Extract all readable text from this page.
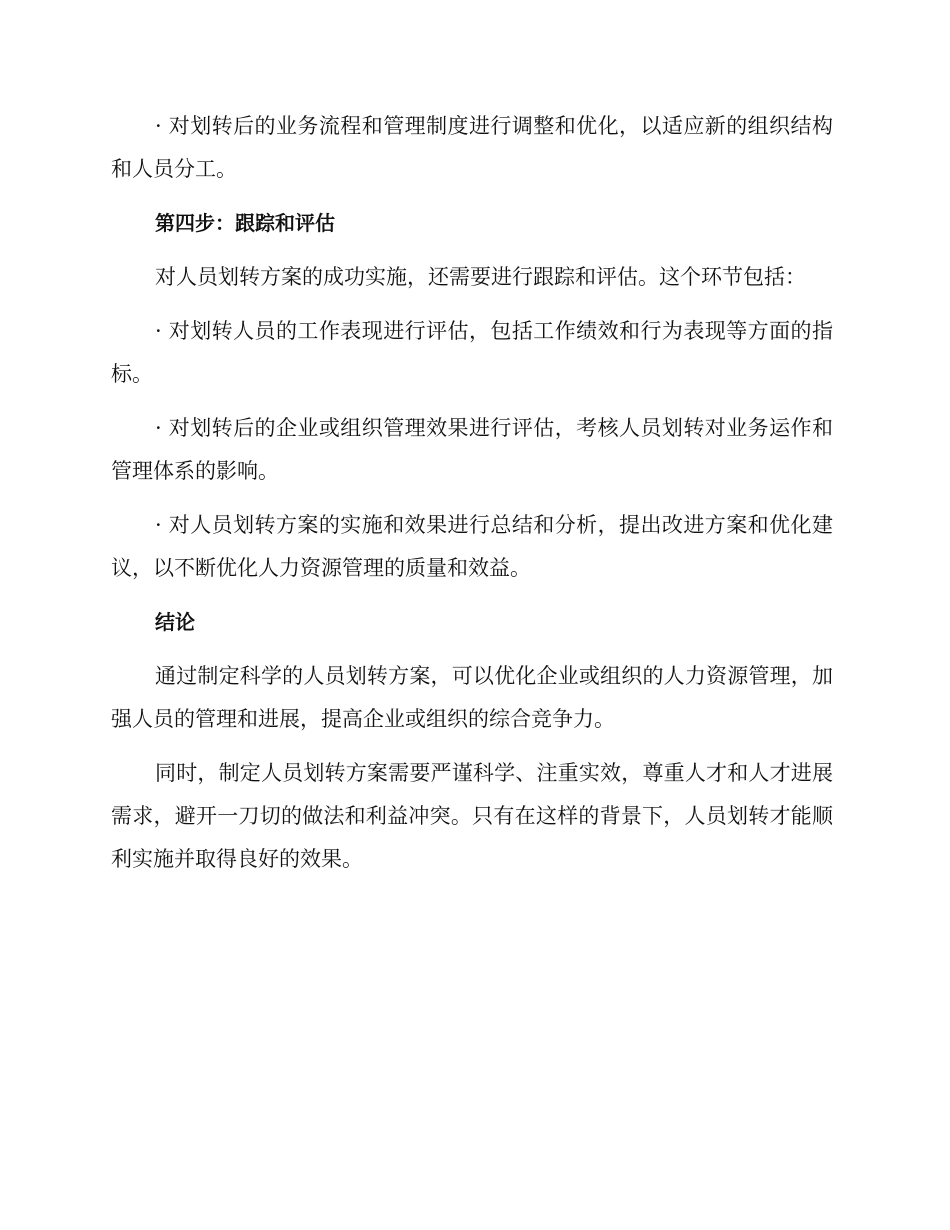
· 对划转后的业务流程和管理制度进行调整和优化，以适应新的组织结构和人员分工。

第四步：跟踪和评估

对人员划转方案的成功实施，还需要进行跟踪和评估。这个环节包括：

· 对划转人员的工作表现进行评估，包括工作绩效和行为表现等方面的指标。

· 对划转后的企业或组织管理效果进行评估，考核人员划转对业务运作和管理体系的影响。

· 对人员划转方案的实施和效果进行总结和分析，提出改进方案和优化建议，以不断优化人力资源管理的质量和效益。

结论

通过制定科学的人员划转方案，可以优化企业或组织的人力资源管理，加强人员的管理和进展，提高企业或组织的综合竞争力。

同时，制定人员划转方案需要严谨科学、注重实效，尊重人才和人才进展需求，避开一刀切的做法和利益冲突。只有在这样的背景下，人员划转才能顺利实施并取得良好的效果。
